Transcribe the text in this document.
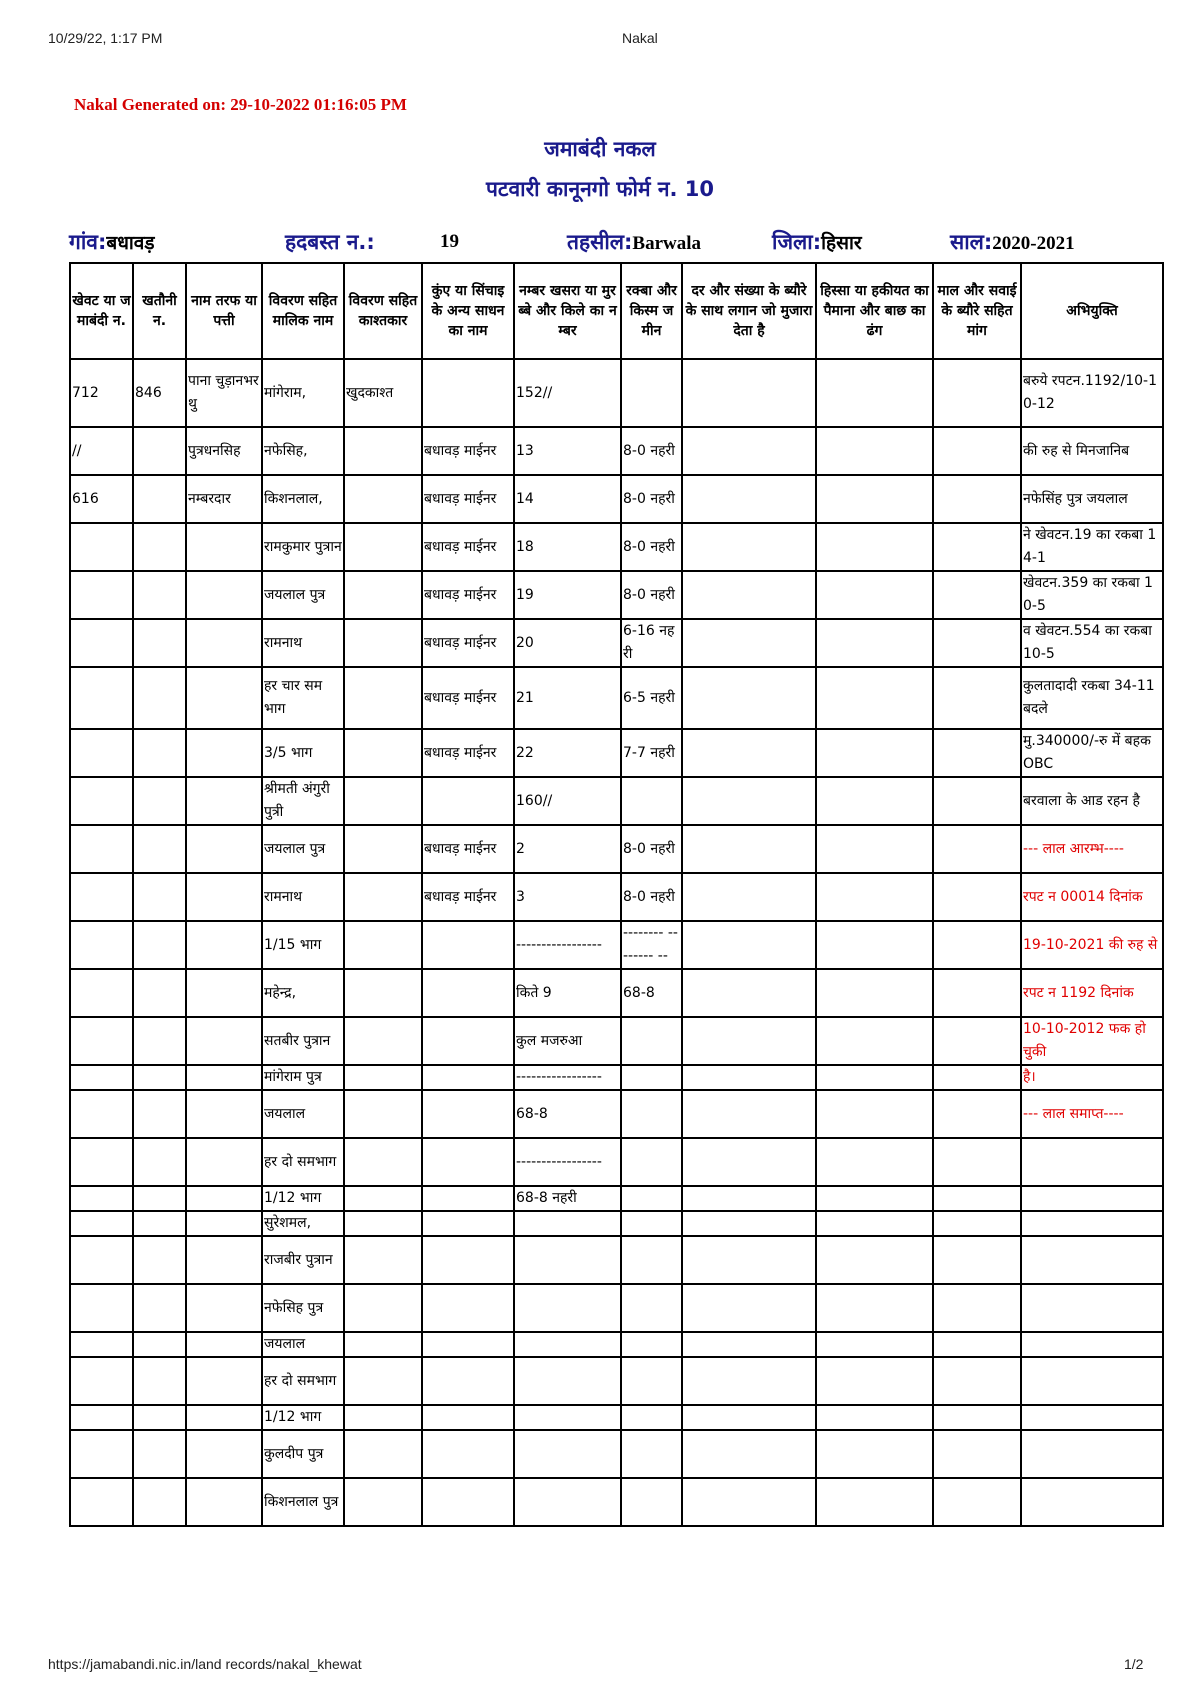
10/29/22, 1:17 PM	Nakal
Nakal Generated on: 29-10-2022 01:16:05 PM
जमाबंदी नकल
पटवारी कानूनगो फोर्म न. 10
गांव:बधावड़	हदबस्त न.:	19	तहसील:Barwala	जिला:हिसार	साल:2020-2021
खेवट या जमाबंदी न.	खतौनी न.	नाम तरफ या पत्ती	विवरण सहित मालिक नाम	विवरण सहित काश्तकार	कुंए या सिंचाइ के अन्य साधन का नाम	नम्बर खसरा या मुरब्बे और किले का नम्बर	रक्बा और किस्म जमीन	दर और संख्या के ब्यौरे के साथ लगान जो मुजारा देता है	हिस्सा या हकीयत का पैमाना और बाछ का ढंग	माल और सवाई के ब्यौरे सहित मांग	अभियुक्ति
712	846	पाना चुड़ानभरथु	मांगेराम,	खुदकाश्त		152//					बरुये रपटन.1192/10-10-12
//		पुत्रधनसिह	नफेसिह,		बधावड़ माईनर	13	8-0 नहरी				की रुह से मिनजानिब
616		नम्बरदार	किशनलाल,		बधावड़ माईनर	14	8-0 नहरी				नफेसिंह पुत्र जयलाल
			रामकुमार पुत्रान		बधावड़ माईनर	18	8-0 नहरी				ने खेवटन.19 का रकबा 14-1
			जयलाल पुत्र		बधावड़ माईनर	19	8-0 नहरी				खेवटन.359 का रकबा 10-5
			रामनाथ		बधावड़ माईनर	20	6-16 नहरी				व खेवटन.554 का रकबा 10-5
			हर चार समभाग		बधावड़ माईनर	21	6-5 नहरी				कुलतादादी रकबा 34-11 बदले
			3/5 भाग		बधावड़ माईनर	22	7-7 नहरी				मु.340000/-रु में बहक OBC
			श्रीमती अंगुरी पुत्री			160//					बरवाला के आड रहन है
			जयलाल पुत्र		बधावड़ माईनर	2	8-0 नहरी				--- लाल आरम्भ----
			रामनाथ		बधावड़ माईनर	3	8-0 नहरी				रपट न 00014 दिनांक
			1/15 भाग			-----------------	-------- -------- --				19-10-2021 की रुह से
			महेन्द्र,			किते 9	68-8				रपट न 1192 दिनांक
			सतबीर पुत्रान			कुल मजरुआ					10-10-2012 फक हो चुकी
			मांगेराम पुत्र			-----------------					है।
			जयलाल			68-8					--- लाल समाप्त----
			हर दो समभाग			-----------------					
			1/12 भाग			68-8 नहरी					
			सुरेशमल,								
			राजबीर पुत्रान								
			नफेसिह पुत्र								
			जयलाल								
			हर दो समभाग								
			1/12 भाग								
			कुलदीप पुत्र								
			किशनलाल पुत्र								
https://jamabandi.nic.in/land records/nakal_khewat	1/2
